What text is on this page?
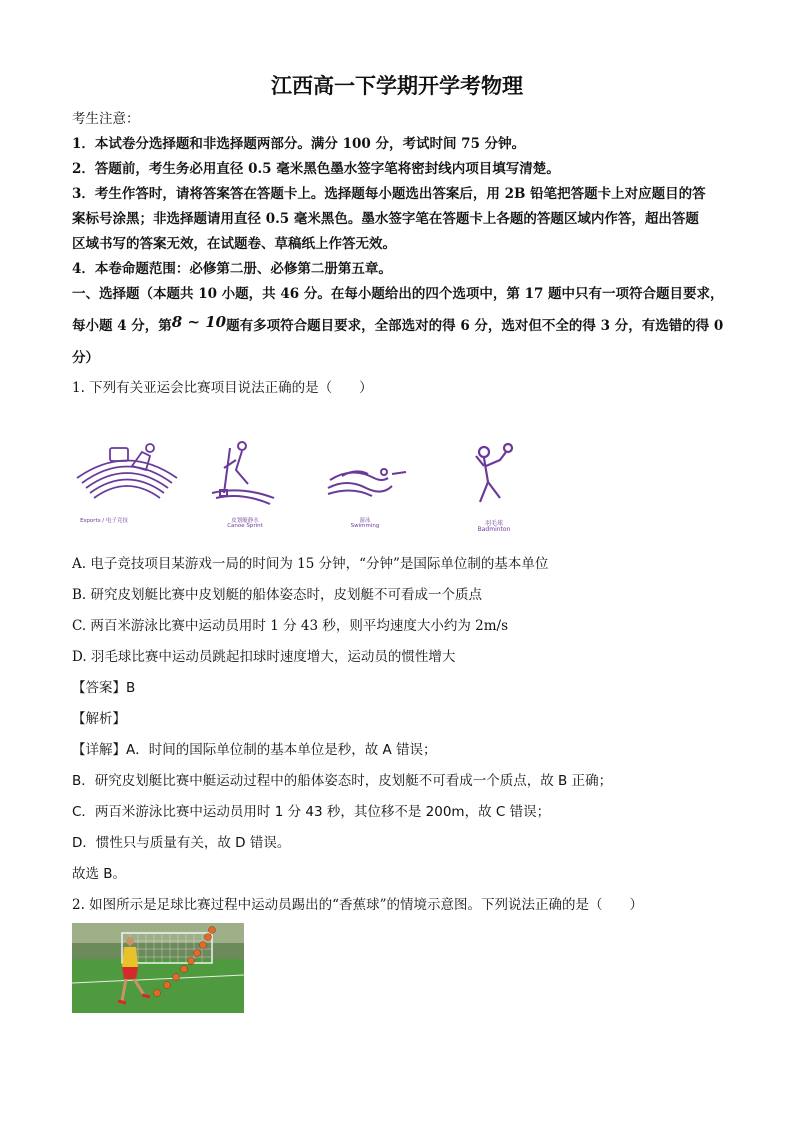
江西高一下学期开学考物理
考生注意：
1．本试卷分选择题和非选择题两部分。满分 100 分，考试时间 75 分钟。
2．答题前，考生务必用直径 0.5 毫米黑色墨水签字笔将密封线内项目填写清楚。
3．考生作答时，请将答案答在答题卡上。选择题每小题选出答案后，用 2B 铅笔把答题卡上对应题目的答
案标号涂黑；非选择题请用直径 0.5 毫米黑色。墨水签字笔在答题卡上各题的答题区域内作答，超出答题
区域书写的答案无效，在试题卷、草稿纸上作答无效。
4．本卷命题范围：必修第二册、必修第二册第五章。
一、选择题（本题共 10 小题，共 46 分。在每小题给出的四个选项中，第 17 题中只有一项符合题目要求，
每小题 4 分，第8 ~ 10题有多项符合题目要求，全部选对的得 6 分，选对但不全的得 3 分，有选错的得 0
分）
1. 下列有关亚运会比赛项目说法正确的是（　　）
Esports / 电子竞技	皮划艇静水
Canoe Sprint
游泳
Swimming	羽毛球
Badminton
A. 电子竞技项目某游戏一局的时间为 15 分钟，“分钟”是国际单位制的基本单位
B. 研究皮划艇比赛中皮划艇的船体姿态时，皮划艇不可看成一个质点
C. 两百米游泳比赛中运动员用时 1 分 43 秒，则平均速度大小约为 2m/s
D. 羽毛球比赛中运动员跳起扣球时速度增大，运动员的惯性增大
【答案】B
【解析】
【详解】A．时间的国际单位制的基本单位是秒，故 A 错误；
B．研究皮划艇比赛中艇运动过程中的船体姿态时，皮划艇不可看成一个质点，故 B 正确；
C．两百米游泳比赛中运动员用时 1 分 43 秒，其位移不是 200m，故 C 错误；
D．惯性只与质量有关，故 D 错误。
故选 B。
2. 如图所示是足球比赛过程中运动员踢出的“香蕉球”的情境示意图。下列说法正确的是（　　）
